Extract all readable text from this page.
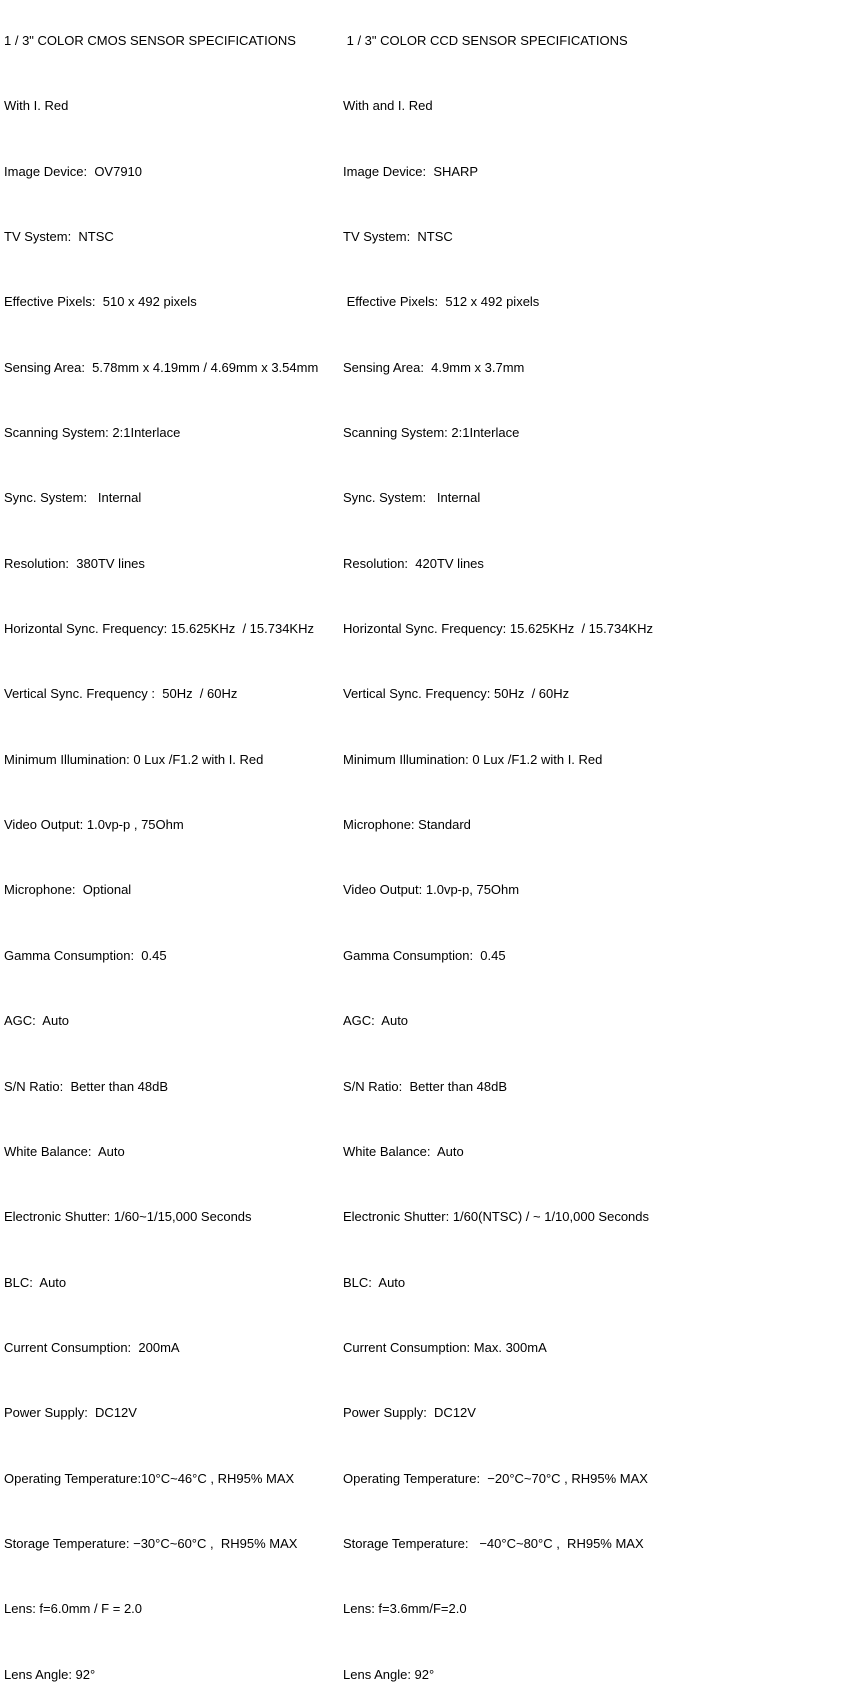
1 / 3" COLOR CMOS SENSOR SPECIFICATIONS

With I. Red

Image Device:  OV7910

TV System:  NTSC

Effective Pixels:  510 x 492 pixels

Sensing Area:  5.78mm x 4.19mm / 4.69mm x 3.54mm

Scanning System: 2:1Interlace

Sync. System:   Internal

Resolution:  380TV lines

Horizontal Sync. Frequency: 15.625KHz  / 15.734KHz

Vertical Sync. Frequency :  50Hz  / 60Hz

Minimum Illumination: 0 Lux /F1.2 with I. Red

Video Output: 1.0vp-p , 75Ohm

Microphone:  Optional

Gamma Consumption:  0.45

AGC:  Auto

S/N Ratio:  Better than 48dB

White Balance:  Auto

Electronic Shutter: 1/60~1/15,000 Seconds

BLC:  Auto

Current Consumption:  200mA

Power Supply:  DC12V

Operating Temperature:10°C~46°C , RH95% MAX

Storage Temperature: −30°C~60°C ,  RH95% MAX

Lens: f=6.0mm / F = 2.0

Lens Angle: 92°

1 / 3" COLOR CCD SENSOR SPECIFICATIONS

With and I. Red

Image Device:  SHARP

TV System:  NTSC

Effective Pixels:  512 x 492 pixels

Sensing Area:  4.9mm x 3.7mm

Scanning System: 2:1Interlace

Sync. System:   Internal

Resolution:  420TV lines

Horizontal Sync. Frequency: 15.625KHz  / 15.734KHz

Vertical Sync. Frequency: 50Hz  / 60Hz

Minimum Illumination: 0 Lux /F1.2 with I. Red

Microphone: Standard

Video Output: 1.0vp-p, 75Ohm

Gamma Consumption:  0.45

AGC:  Auto

S/N Ratio:  Better than 48dB

White Balance:  Auto

Electronic Shutter: 1/60(NTSC) / ~ 1/10,000 Seconds

BLC:  Auto

Current Consumption: Max. 300mA

Power Supply:  DC12V

Operating Temperature:  −20°C~70°C , RH95% MAX

Storage Temperature:   −40°C~80°C ,  RH95% MAX

Lens: f=3.6mm/F=2.0

Lens Angle: 92°
